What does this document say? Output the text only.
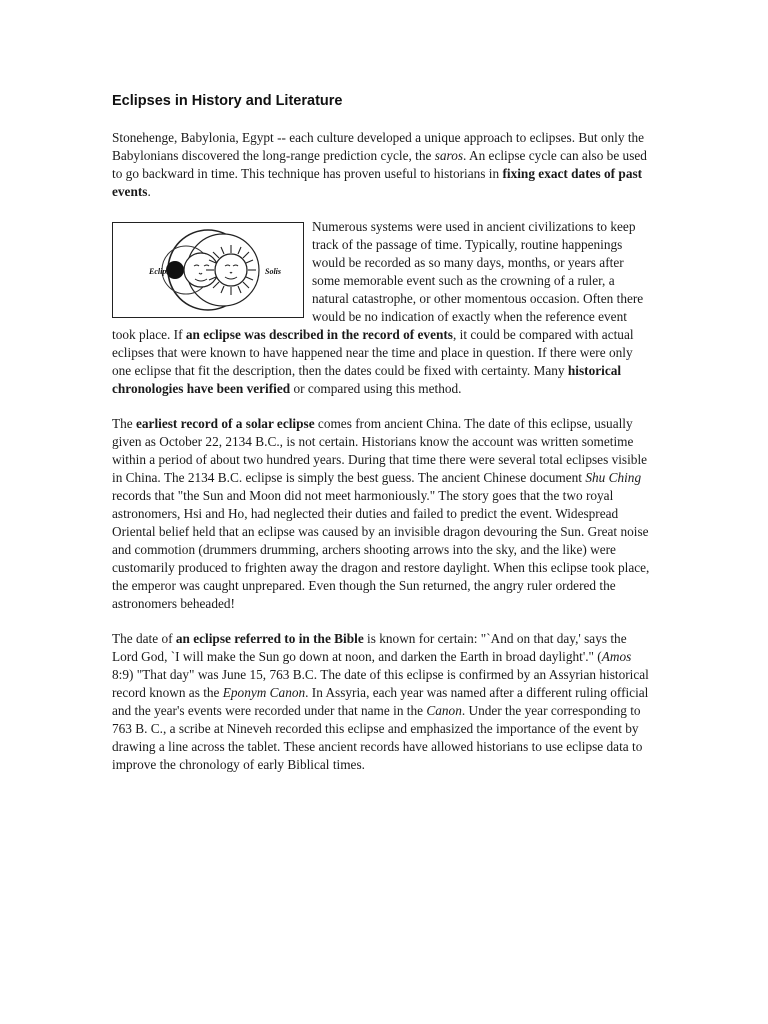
Eclipses in History and Literature

Stonehenge, Babylonia, Egypt -- each culture developed a unique approach to eclipses. But only the Babylonians discovered the long-range prediction cycle, the saros. An eclipse cycle can also be used to go backward in time. This technique has proven useful to historians in fixing exact dates of past events.

Eclipsis	Solis

Numerous systems were used in ancient civilizations to keep track of the passage of time. Typically, routine happenings would be recorded as so many days, months, or years after some memorable event such as the crowning of a ruler, a natural catastrophe, or other momentous occasion. Often there would be no indication of exactly when the reference event took place. If an eclipse was described in the record of events, it could be compared with actual eclipses that were known to have happened near the time and place in question. If there were only one eclipse that fit the description, then the dates could be fixed with certainty. Many historical chronologies have been verified or compared using this method.

The earliest record of a solar eclipse comes from ancient China. The date of this eclipse, usually given as October 22, 2134 B.C., is not certain. Historians know the account was written sometime within a period of about two hundred years. During that time there were several total eclipses visible in China. The 2134 B.C. eclipse is simply the best guess. The ancient Chinese document Shu Ching records that "the Sun and Moon did not meet harmoniously." The story goes that the two royal astronomers, Hsi and Ho, had neglected their duties and failed to predict the event. Widespread Oriental belief held that an eclipse was caused by an invisible dragon devouring the Sun. Great noise and commotion (drummers drumming, archers shooting arrows into the sky, and the like) were customarily produced to frighten away the dragon and restore daylight. When this eclipse took place, the emperor was caught unprepared. Even though the Sun returned, the angry ruler ordered the astronomers beheaded!

The date of an eclipse referred to in the Bible is known for certain: "`And on that day,' says the Lord God, `I will make the Sun go down at noon, and darken the Earth in broad daylight'." (Amos 8:9) "That day" was June 15, 763 B.C. The date of this eclipse is confirmed by an Assyrian historical record known as the Eponym Canon. In Assyria, each year was named after a different ruling official and the year's events were recorded under that name in the Canon. Under the year corresponding to 763 B. C., a scribe at Nineveh recorded this eclipse and emphasized the importance of the event by drawing a line across the tablet. These ancient records have allowed historians to use eclipse data to improve the chronology of early Biblical times.
